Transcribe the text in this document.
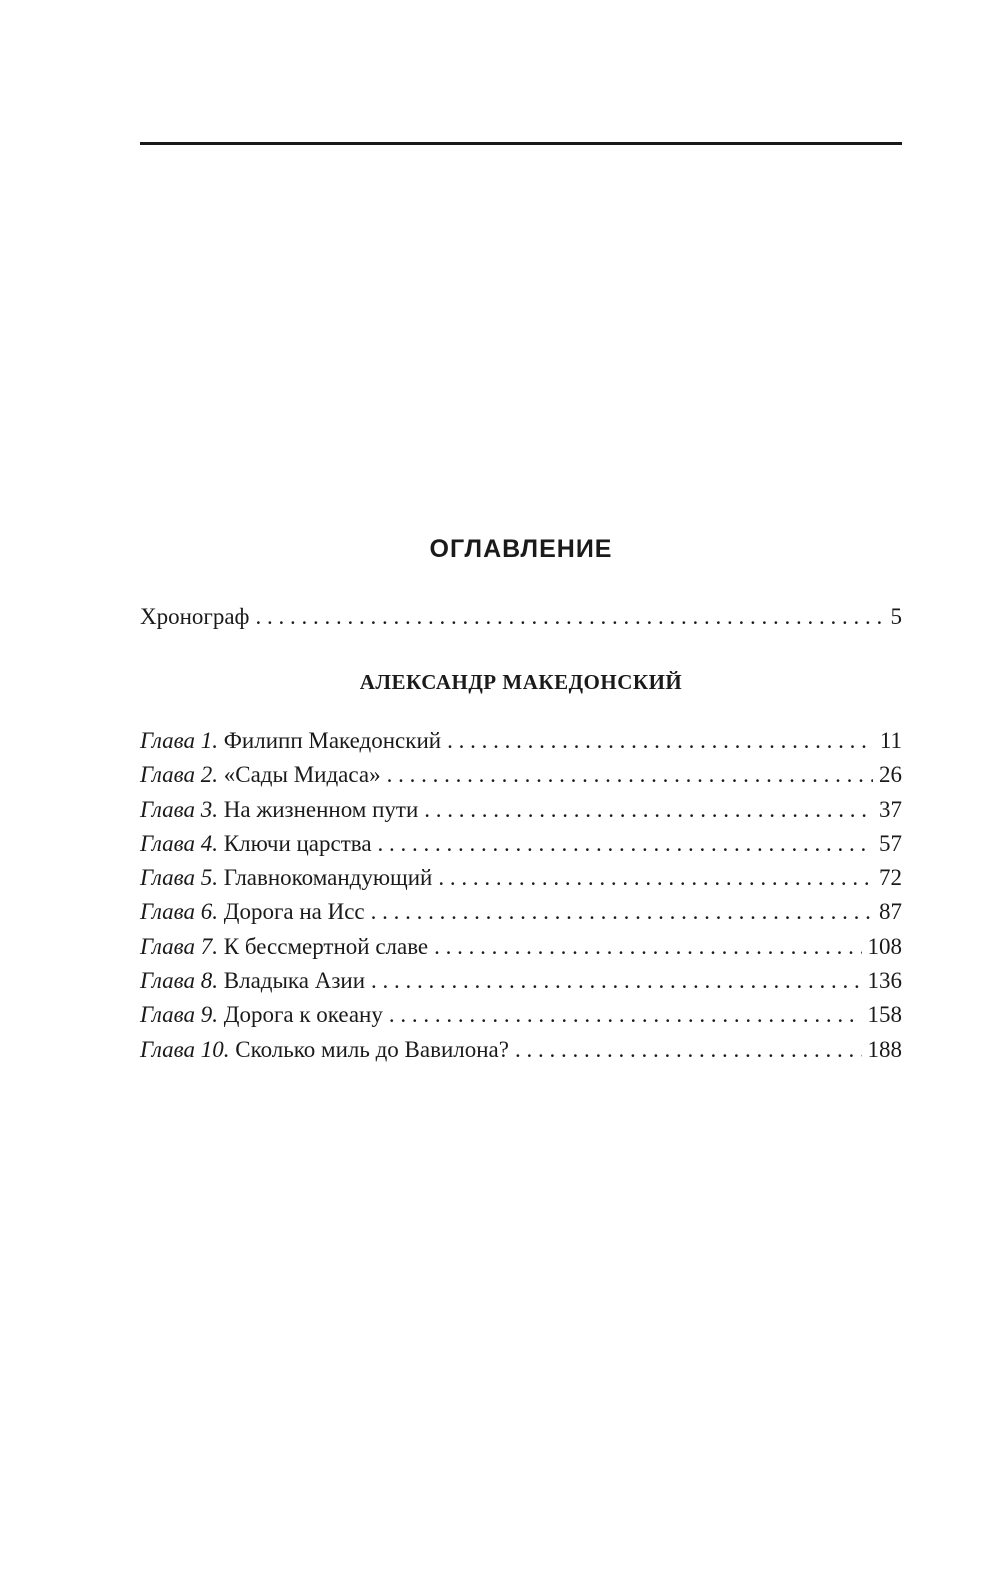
ОГЛАВЛЕНИЕ
Хронограф . . .	5
АЛЕКСАНДР МАКЕДОНСКИЙ
Глава 1. Филипп Македонский . . .	11
Глава 2. «Сады Мидаса» . . .	26
Глава 3. На жизненном пути . . .	37
Глава 4. Ключи царства . . .	57
Глава 5. Главнокомандующий . . .	72
Глава 6. Дорога на Исс . . .	87
Глава 7. К бессмертной славе . . .	108
Глава 8. Владыка Азии . . .	136
Глава 9. Дорога к океану . . .	158
Глава 10. Сколько миль до Вавилона? . . .	188
